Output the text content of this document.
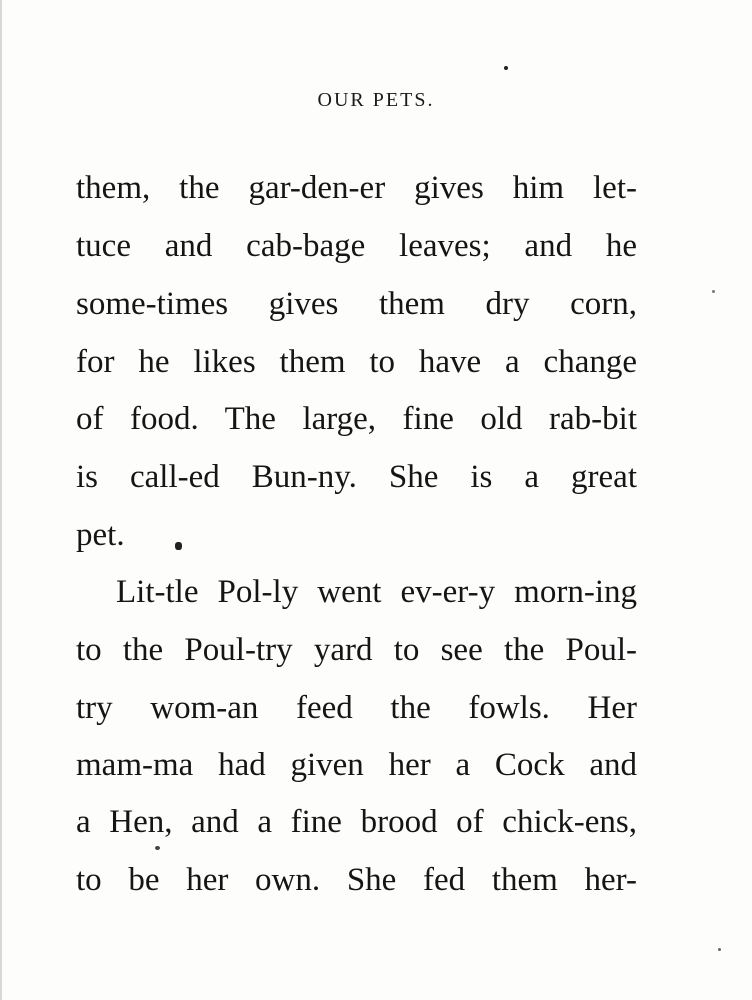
OUR PETS.
them, the gar-den-er gives him let-
tuce and cab-bage leaves; and he
some-times gives them dry corn,
for he likes them to have a change
of food. The large, fine old rab-bit
is call-ed Bun-ny. She is a great
pet.
Lit-tle Pol-ly went ev-er-y morn-ing
to the Poul-try yard to see the Poul-
try wom-an feed the fowls. Her
mam-ma had given her a Cock and
a Hen, and a fine brood of chick-ens,
to be her own. She fed them her-
